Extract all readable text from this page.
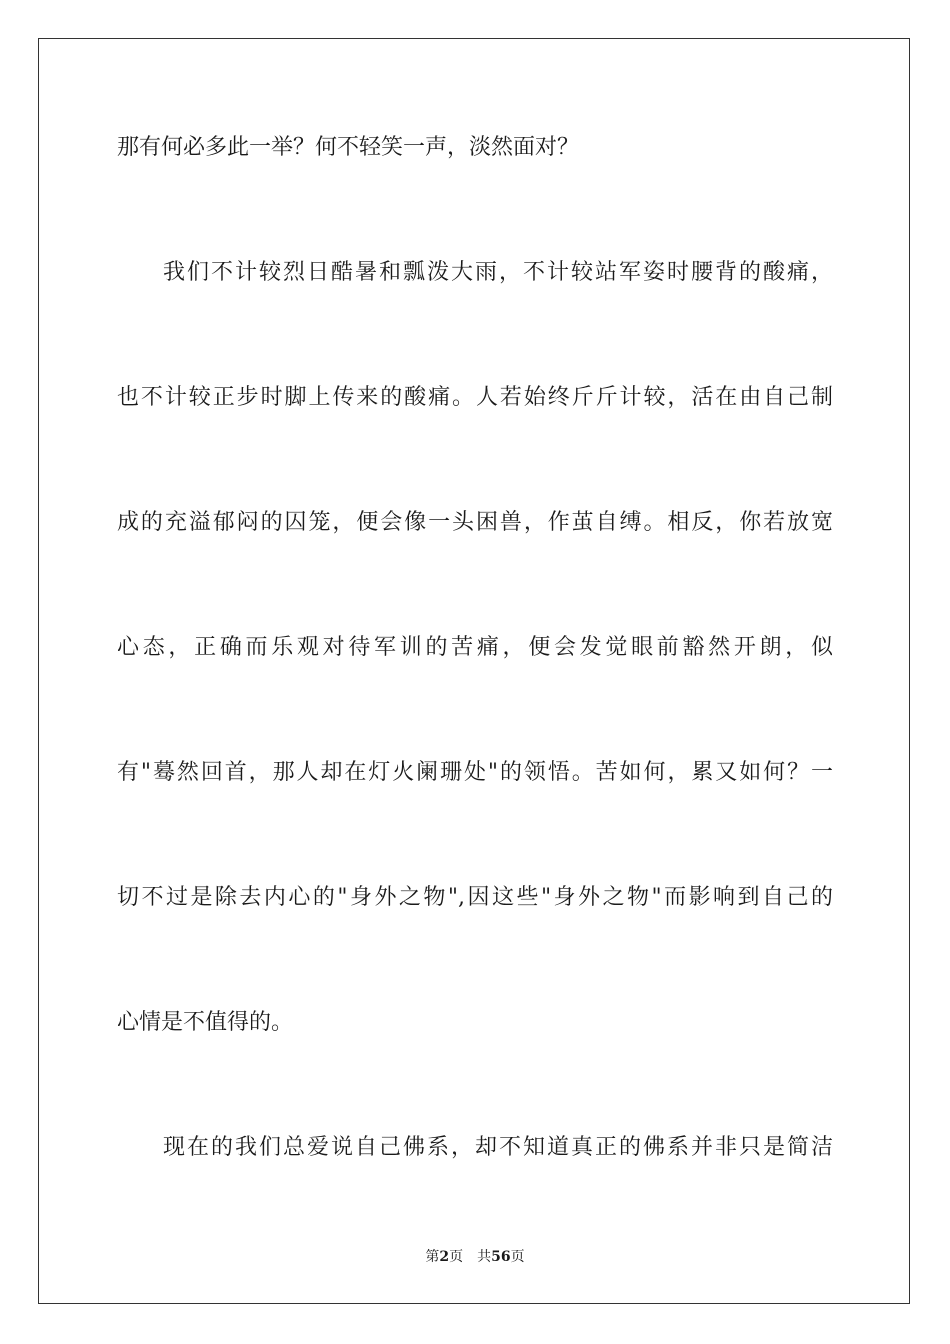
那有何必多此一举？何不轻笑一声，淡然面对？
我们不计较烈日酷暑和瓢泼大雨，不计较站军姿时腰背的酸痛，
也不计较正步时脚上传来的酸痛。人若始终斤斤计较，活在由自己制
成的充溢郁闷的囚笼，便会像一头困兽，作茧自缚。相反，你若放宽
心态，正确而乐观对待军训的苦痛，便会发觉眼前豁然开朗，似
有"蓦然回首，那人却在灯火阑珊处"的领悟。苦如何，累又如何？一
切不过是除去内心的"身外之物",因这些"身外之物"而影响到自己的
心情是不值得的。
现在的我们总爱说自己佛系，却不知道真正的佛系并非只是简洁
第2页 共56页
